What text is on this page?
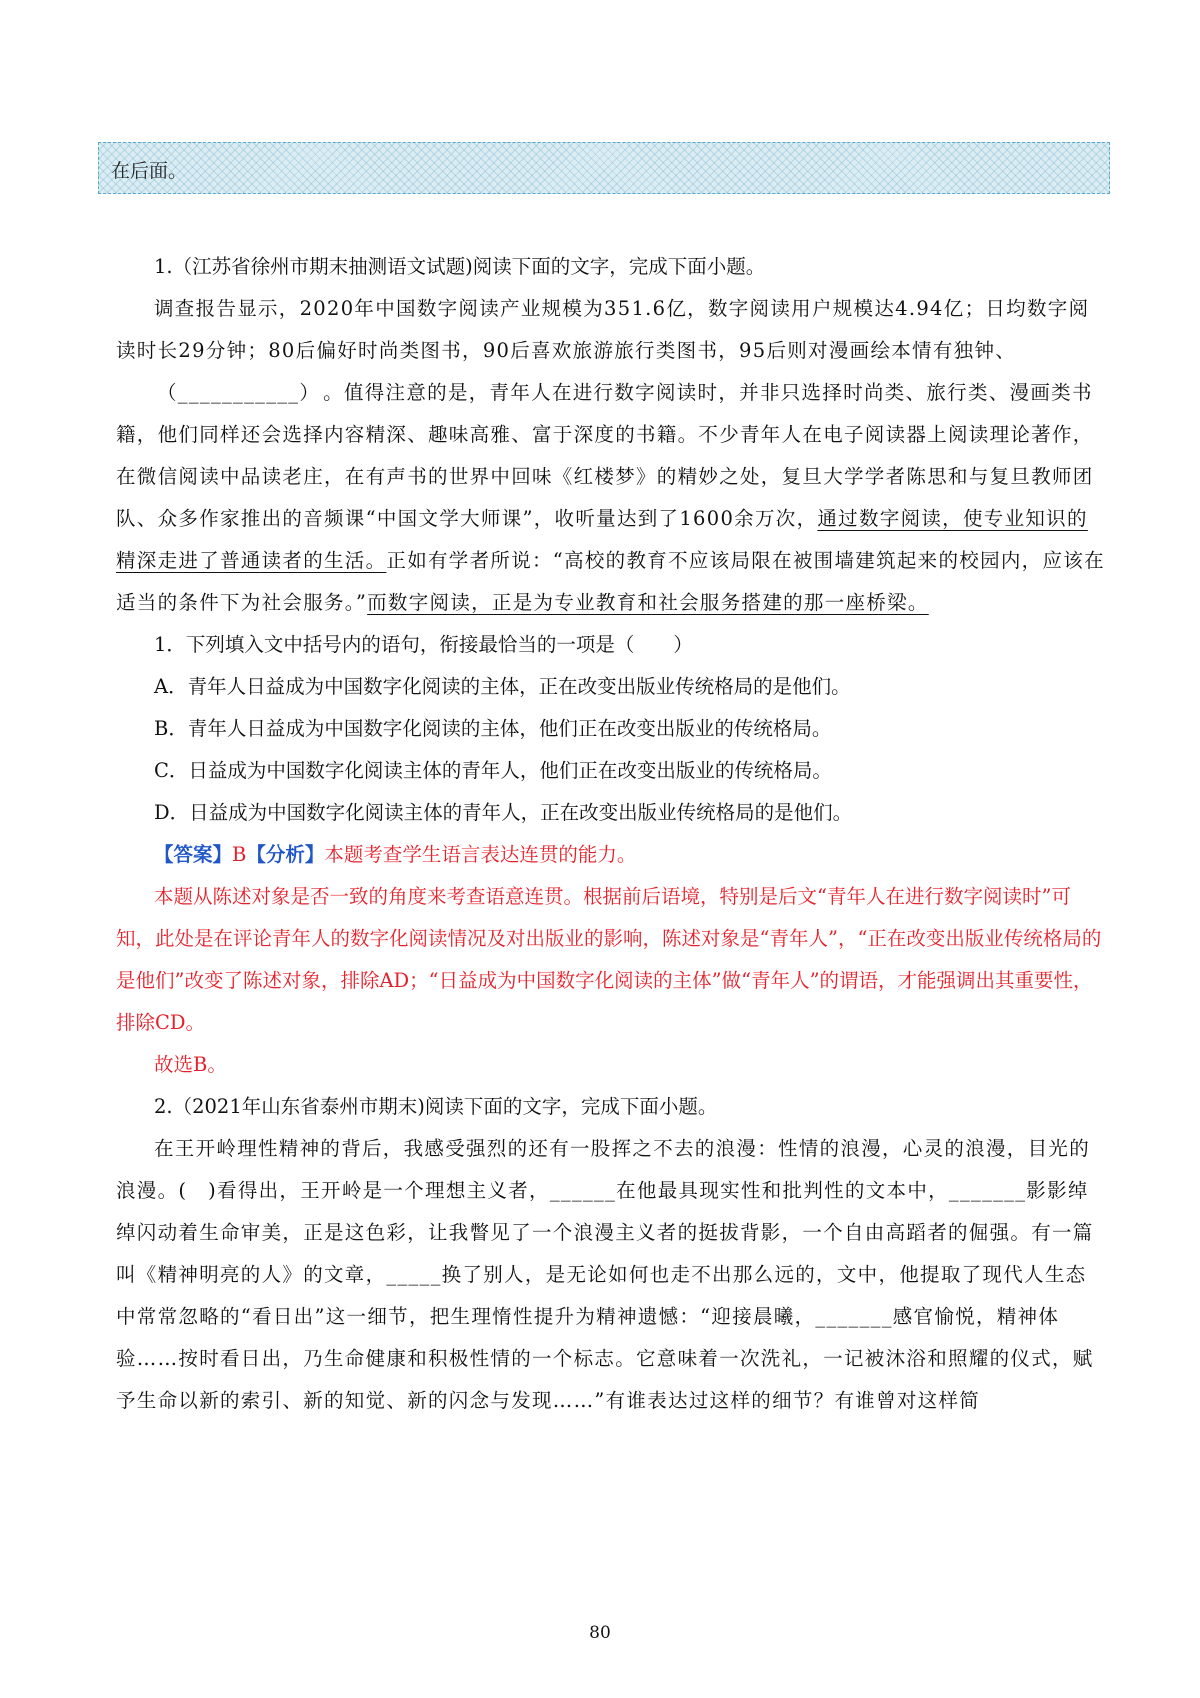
在后面。

1.（江苏省徐州市期末抽测语文试题)阅读下面的文字，完成下面小题。

调查报告显示，2020年中国数字阅读产业规模为351.6亿，数字阅读用户规模达4.94亿；日均数字阅读时长29分钟；80后偏好时尚类图书，90后喜欢旅游旅行类图书，95后则对漫画绘本情有独钟、（___________） 。值得注意的是，青年人在进行数字阅读时，并非只选择时尚类、旅行类、漫画类书籍，他们同样还会选择内容精深、趣味高雅、富于深度的书籍。不少青年人在电子阅读器上阅读理论著作，在微信阅读中品读老庄，在有声书的世界中回味《红楼梦》的精妙之处，复旦大学学者陈思和与复旦教师团队、众多作家推出的音频课“中国文学大师课”，收听量达到了1600余万次，通过数字阅读，使专业知识的精深走进了普通读者的生活。正如有学者所说：“高校的教育不应该局限在被围墙建筑起来的校园内，应该在适当的条件下为社会服务。”而数字阅读，正是为专业教育和社会服务搭建的那一座桥梁。

1．下列填入文中括号内的语句，衔接最恰当的一项是（　　）

A．青年人日益成为中国数字化阅读的主体，正在改变出版业传统格局的是他们。

B．青年人日益成为中国数字化阅读的主体，他们正在改变出版业的传统格局。

C．日益成为中国数字化阅读主体的青年人，他们正在改变出版业的传统格局。

D．日益成为中国数字化阅读主体的青年人，正在改变出版业传统格局的是他们。

【答案】B【分析】本题考查学生语言表达连贯的能力。

本题从陈述对象是否一致的角度来考查语意连贯。根据前后语境，特别是后文“青年人在进行数字阅读时”可知，此处是在评论青年人的数字化阅读情况及对出版业的影响，陈述对象是“青年人”，“正在改变出版业传统格局的是他们”改变了陈述对象，排除AD；“日益成为中国数字化阅读的主体”做“青年人”的谓语，才能强调出其重要性，排除CD。

故选B。

2.（2021年山东省泰州市期末)阅读下面的文字，完成下面小题。

在王开岭理性精神的背后，我感受强烈的还有一股挥之不去的浪漫：性情的浪漫，心灵的浪漫，目光的浪漫。(　)看得出，王开岭是一个理想主义者，______在他最具现实性和批判性的文本中，_______影影绰绰闪动着生命审美，正是这色彩，让我瞥见了一个浪漫主义者的挺拔背影，一个自由高蹈者的倔强。有一篇叫《精神明亮的人》的文章，_____换了别人，是无论如何也走不出那么远的，文中，他提取了现代人生态中常常忽略的“看日出”这一细节，把生理惰性提升为精神遗憾：“迎接晨曦，_______感官愉悦，精神体验……按时看日出，乃生命健康和积极性情的一个标志。它意味着一次洗礼，一记被沐浴和照耀的仪式，赋予生命以新的索引、新的知觉、新的闪念与发现……”有谁表达过这样的细节？有谁曾对这样简

80
